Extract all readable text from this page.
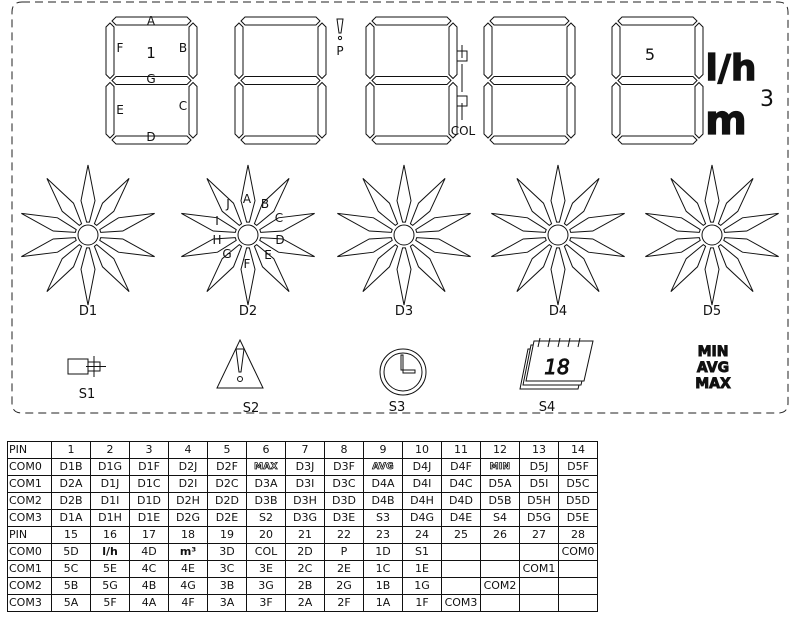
A
F	B
G
E	C
D
1	5
P
COL
l/h
m 3
A B
C
D
E
F
G
H
I
J
D1	D2	D3	D4	D5
S1
S2	S3
18
S4
MIN
AVG
MAX
PIN	1	2	3	4	5	6	7	8	9	10	11	12	13	14
COM0	D1B	D1G	D1F	D2J	D2F	MAX	D3J	D3F	AVG	D4J	D4F	MIN	D5J	D5F
COM1	D2A	D1J	D1C	D2I	D2C	D3A	D3I	D3C	D4A	D4I	D4C	D5A	D5I	D5C
COM2	D2B	D1I	D1D	D2H	D2D	D3B	D3H	D3D	D4B	D4H	D4D	D5B	D5H	D5D
COM3	D1A	D1H	D1E	D2G	D2E	S2	D3G	D3E	S3	D4G	D4E	S4	D5G	D5E
PIN	15	16	17	18	19	20	21	22	23	24	25	26	27	28
COM0	5D	l/h	4D	m³	3D	COL	2D	P	1D	S1				COM0
COM1	5C	5E	4C	4E	3C	3E	2C	2E	1C	1E			COM1	
COM2	5B	5G	4B	4G	3B	3G	2B	2G	1B	1G		COM2		
COM3	5A	5F	4A	4F	3A	3F	2A	2F	1A	1F	COM3			
